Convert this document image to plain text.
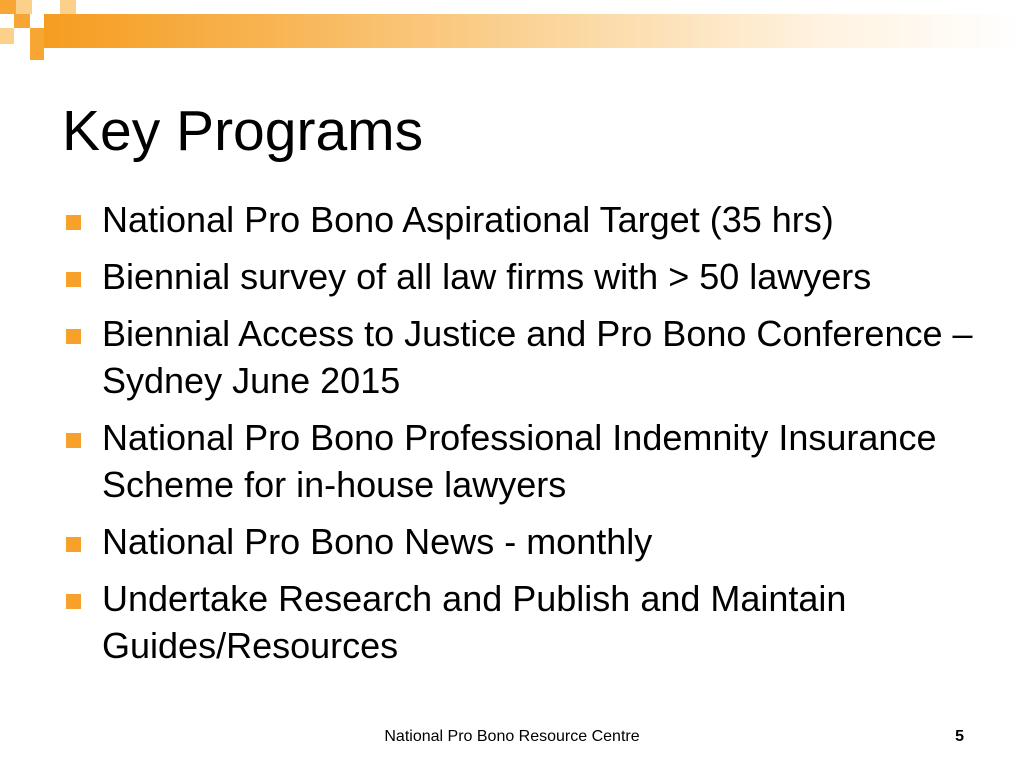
Key Programs
National Pro Bono Aspirational Target (35 hrs)
Biennial survey of all law firms with > 50 lawyers
Biennial Access to Justice and Pro Bono Conference – Sydney June 2015
National Pro Bono Professional Indemnity Insurance Scheme for in-house lawyers
National Pro Bono News - monthly
Undertake Research and Publish and Maintain Guides/Resources
National Pro Bono Resource Centre	5
